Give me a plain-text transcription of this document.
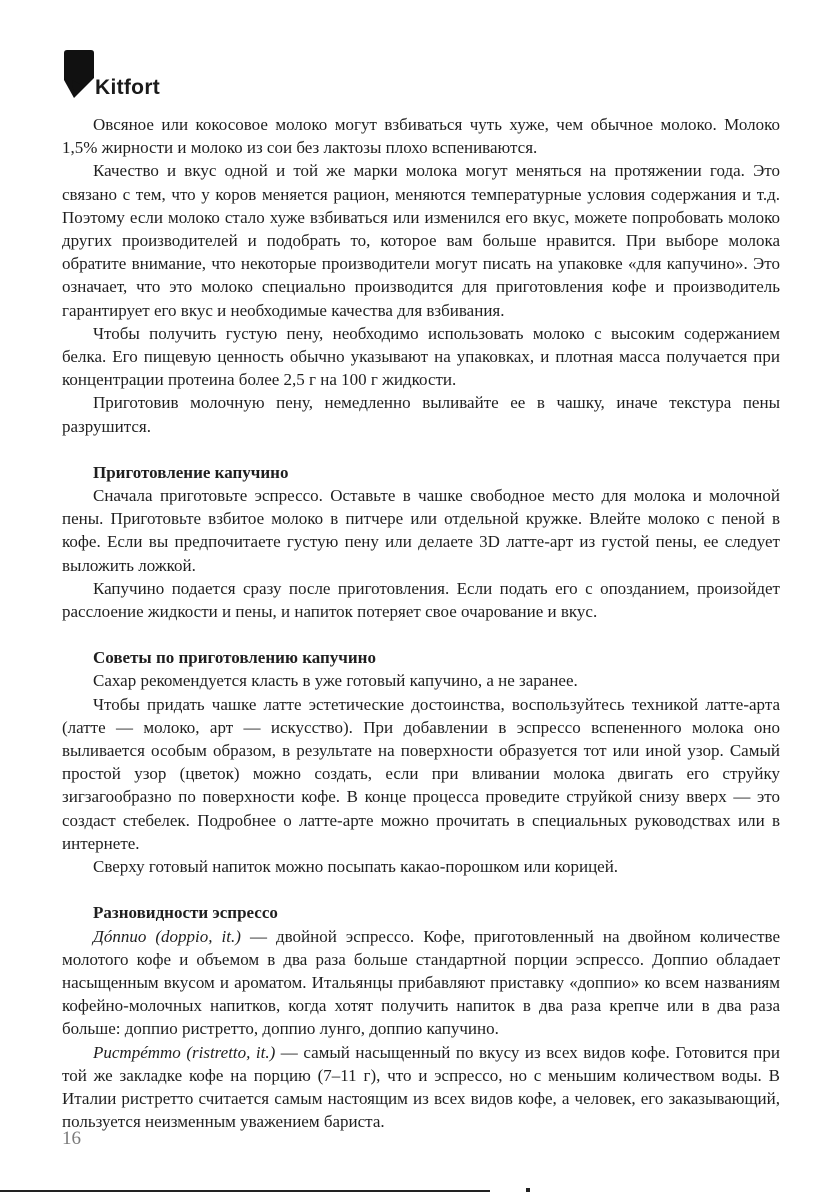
Kitfort

Овсяное или кокосовое молоко могут взбиваться чуть хуже, чем обычное молоко. Молоко 1,5% жирности и молоко из сои без лактозы плохо вспениваются.

Качество и вкус одной и той же марки молока могут меняться на протяжении года. Это связано с тем, что у коров меняется рацион, меняются температурные условия содержания и т.д. Поэтому если молоко стало хуже взбиваться или изменился его вкус, можете попробовать молоко других производителей и подобрать то, которое вам больше нравится. При выборе молока обратите внимание, что некоторые производители могут писать на упаковке «для капучино». Это означает, что это молоко специально производится для приготовления кофе и производитель гарантирует его вкус и необходимые качества для взбивания.

Чтобы получить густую пену, необходимо использовать молоко с высоким содержанием белка. Его пищевую ценность обычно указывают на упаковках, и плотная масса получается при концентрации протеина более 2,5 г на 100 г жидкости.

Приготовив молочную пену, немедленно выливайте ее в чашку, иначе текстура пены разрушится.

Приготовление капучино

Сначала приготовьте эспрессо. Оставьте в чашке свободное место для молока и молочной пены. Приготовьте взбитое молоко в питчере или отдельной кружке. Влейте молоко с пеной в кофе. Если вы предпочитаете густую пену или делаете 3D латте-арт из густой пены, ее следует выложить ложкой.

Капучино подается сразу после приготовления. Если подать его с опозданием, произойдет расслоение жидкости и пены, и напиток потеряет свое очарование и вкус.

Советы по приготовлению капучино

Сахар рекомендуется класть в уже готовый капучино, а не заранее.

Чтобы придать чашке латте эстетические достоинства, воспользуйтесь техникой латте-арта (латте — молоко, арт — искусство). При добавлении в эспрессо вспененного молока оно выливается особым образом, в результате на поверхности образуется тот или иной узор. Самый простой узор (цветок) можно создать, если при вливании молока двигать его струйку зигзагообразно по поверхности кофе. В конце процесса проведите струйкой снизу вверх — это создаст стебелек. Подробнее о латте-арте можно прочитать в специальных руководствах или в интернете.

Сверху готовый напиток можно посыпать какао-порошком или корицей.

Разновидности эспрессо

Дóппио (doppio, it.) — двойной эспрессо. Кофе, приготовленный на двойном количестве молотого кофе и объемом в два раза больше стандартной порции эспрессо. Доппио обладает насыщенным вкусом и ароматом. Итальянцы прибавляют приставку «доппио» ко всем названиям кофейно-молочных напитков, когда хотят получить напиток в два раза крепче или в два раза больше: доппио ристретто, доппио лунго, доппио капучино.

Ристрéтто (ristretto, it.) — самый насыщенный по вкусу из всех видов кофе. Готовится при той же закладке кофе на порцию (7–11 г), что и эспрессо, но с меньшим количеством воды. В Италии ристретто считается самым настоящим из всех видов кофе, а человек, его заказывающий, пользуется неизменным уважением бариста.

16
